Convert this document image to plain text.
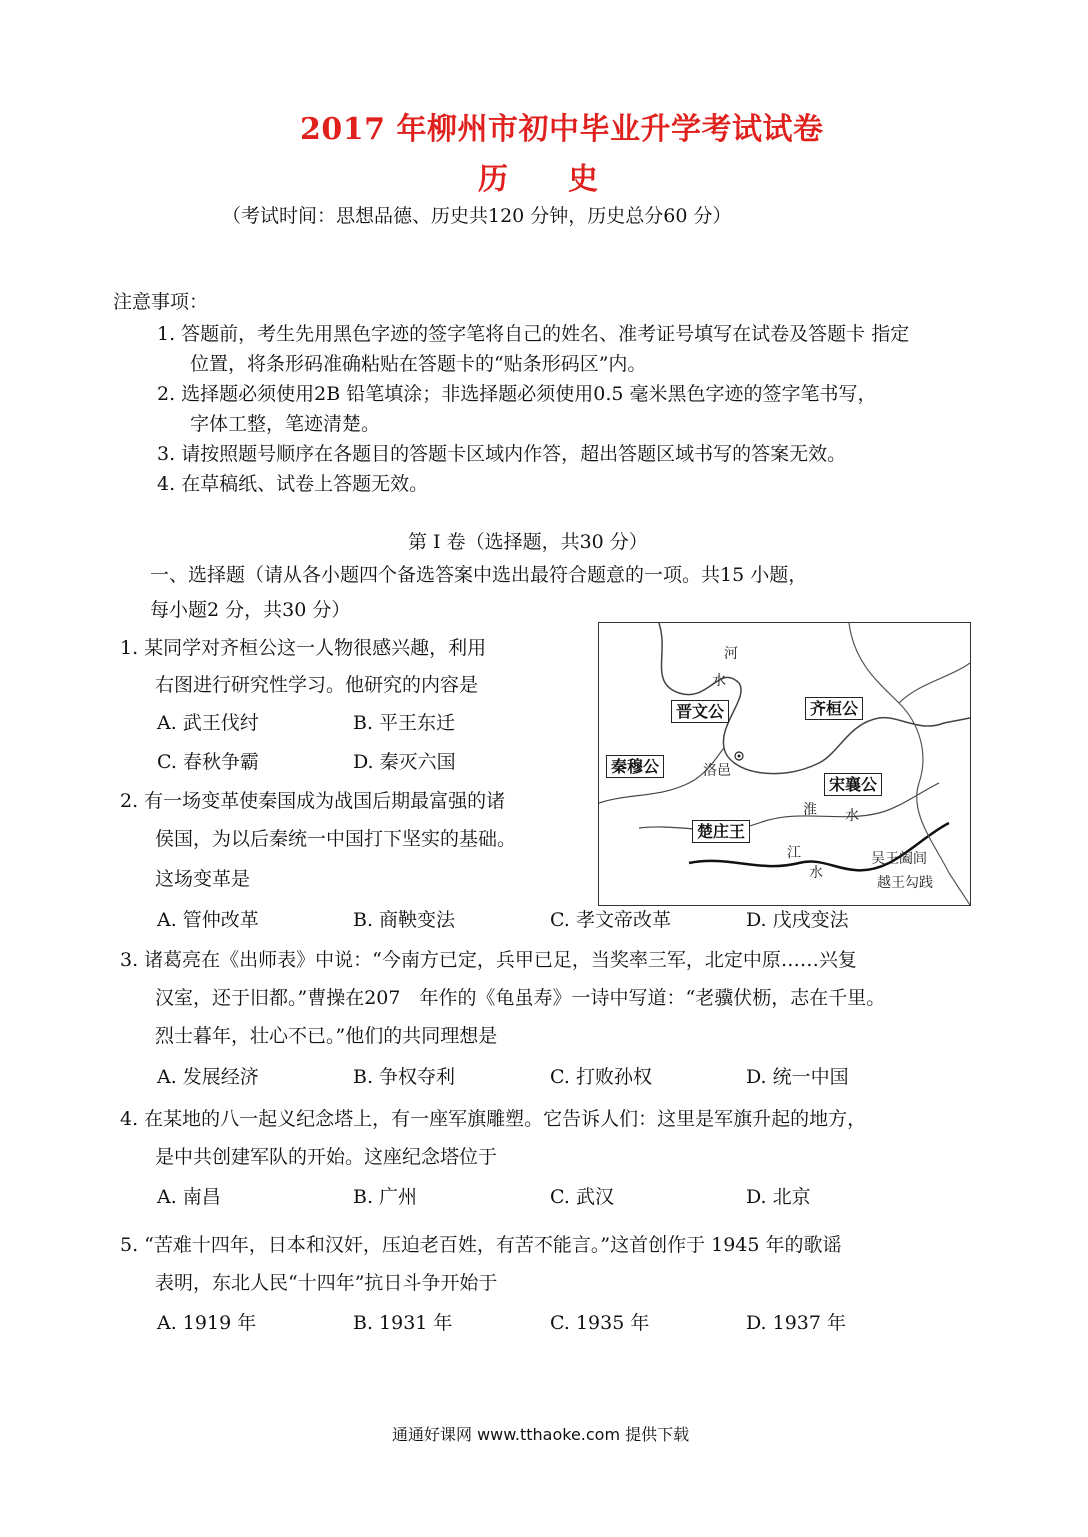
2017 年柳州市初中毕业升学考试试卷
历　　史
（考试时间：思想品德、历史共120 分钟，历史总分60 分）
注意事项：
1. 答题前，考生先用黑色字迹的签字笔将自己的姓名、准考证号填写在试卷及答题卡 指定
位置，将条形码准确粘贴在答题卡的“贴条形码区”内。
2. 选择题必须使用2B 铅笔填涂；非选择题必须使用0.5 毫米黑色字迹的签字笔书写，
字体工整，笔迹清楚。
3. 请按照题号顺序在各题目的答题卡区域内作答，超出答题区域书写的答案无效。
4. 在草稿纸、试卷上答题无效。
第 I 卷（选择题，共30 分）
一、选择题（请从各小题四个备选答案中选出最符合题意的一项。共15 小题，
每小题2 分，共30 分）
1. 某同学对齐桓公这一人物很感兴趣，利用
右图进行研究性学习。他研究的内容是
A. 武王伐纣	B. 平王东迁
C. 春秋争霸	D. 秦灭六国
2. 有一场变革使秦国成为战国后期最富强的诸
侯国，为以后秦统一中国打下坚实的基础。
这场变革是
A. 管仲改革	B. 商鞅变法	C. 孝文帝改革	D. 戊戌变法
3. 诸葛亮在《出师表》中说：“今南方已定，兵甲已足，当奖率三军，北定中原……兴复
汉室，还于旧都。”曹操在207　年作的《龟虽寿》一诗中写道：“老骥伏枥，志在千里。
烈士暮年，壮心不已。”他们的共同理想是
A. 发展经济	B. 争权夺利	C. 打败孙权	D. 统一中国
4. 在某地的八一起义纪念塔上，有一座军旗雕塑。它告诉人们：这里是军旗升起的地方，
是中共创建军队的开始。这座纪念塔位于
A. 南昌	B. 广州	C. 武汉	D. 北京
5. “苦难十四年，日本和汉奸，压迫老百姓，有苦不能言。”这首创作于 1945 年的歌谣
表明，东北人民“十四年”抗日斗争开始于
A. 1919 年	B. 1931 年	C. 1935 年	D. 1937 年
河
水
晋文公	齐桓公
秦穆公	洛邑
宋襄公
淮 水
楚庄王
江
水
吴王阖闾
越王勾践
通通好课网 www.tthaoke.com 提供下载
